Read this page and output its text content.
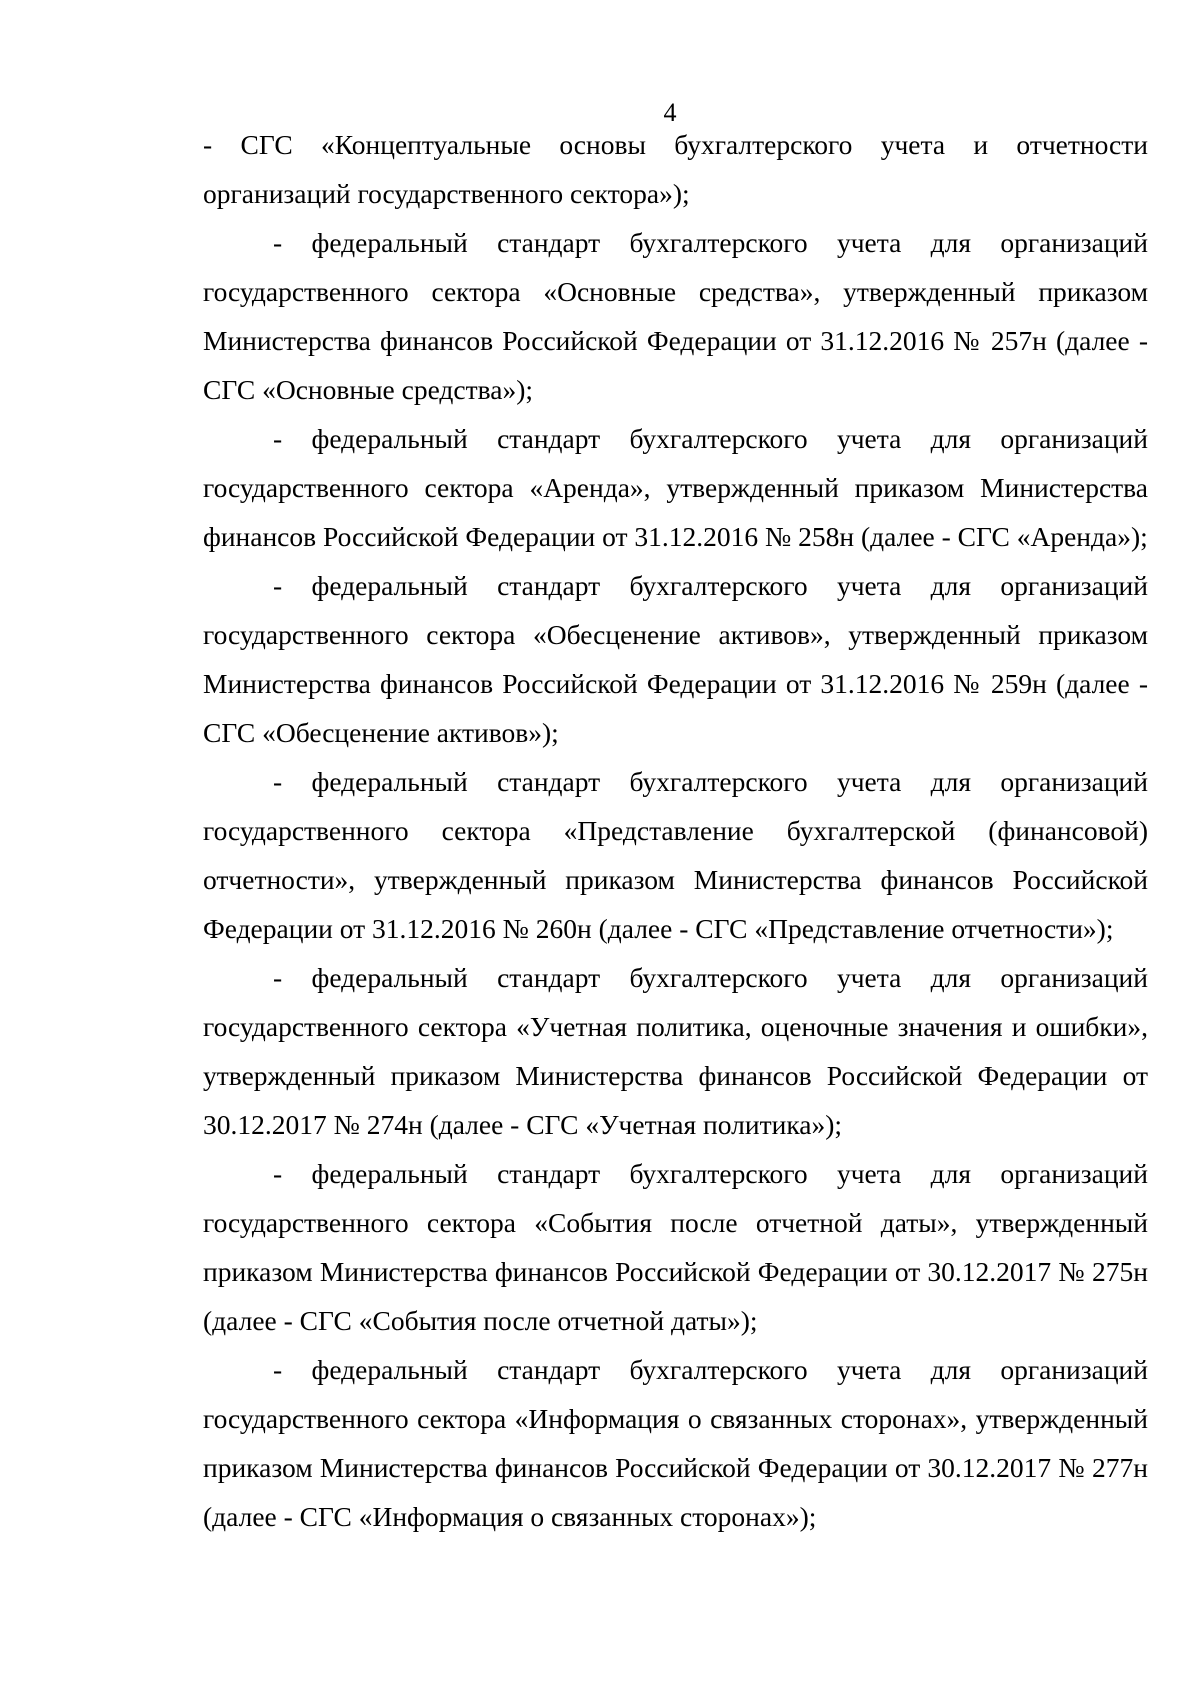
4

- СГС «Концептуальные основы бухгалтерского учета и отчетности организаций государственного сектора»);

- федеральный стандарт бухгалтерского учета для организаций государственного сектора «Основные средства», утвержденный приказом Министерства финансов Российской Федерации от 31.12.2016 № 257н (далее - СГС «Основные средства»);

- федеральный стандарт бухгалтерского учета для организаций государственного сектора «Аренда», утвержденный приказом Министерства финансов Российской Федерации от 31.12.2016 № 258н (далее - СГС «Аренда»);

- федеральный стандарт бухгалтерского учета для организаций государственного сектора «Обесценение активов», утвержденный приказом Министерства финансов Российской Федерации от 31.12.2016 № 259н (далее - СГС «Обесценение активов»);

- федеральный стандарт бухгалтерского учета для организаций государственного сектора «Представление бухгалтерской (финансовой) отчетности», утвержденный приказом Министерства финансов Российской Федерации от 31.12.2016 № 260н (далее - СГС «Представление отчетности»);

- федеральный стандарт бухгалтерского учета для организаций государственного сектора «Учетная политика, оценочные значения и ошибки», утвержденный приказом Министерства финансов Российской Федерации от 30.12.2017 № 274н (далее - СГС «Учетная политика»);

- федеральный стандарт бухгалтерского учета для организаций государственного сектора «События после отчетной даты», утвержденный приказом Министерства финансов Российской Федерации от 30.12.2017 № 275н (далее - СГС «События после отчетной даты»);

- федеральный стандарт бухгалтерского учета для организаций государственного сектора «Информация о связанных сторонах», утвержденный приказом Министерства финансов Российской Федерации от 30.12.2017 № 277н (далее - СГС «Информация о связанных сторонах»);
